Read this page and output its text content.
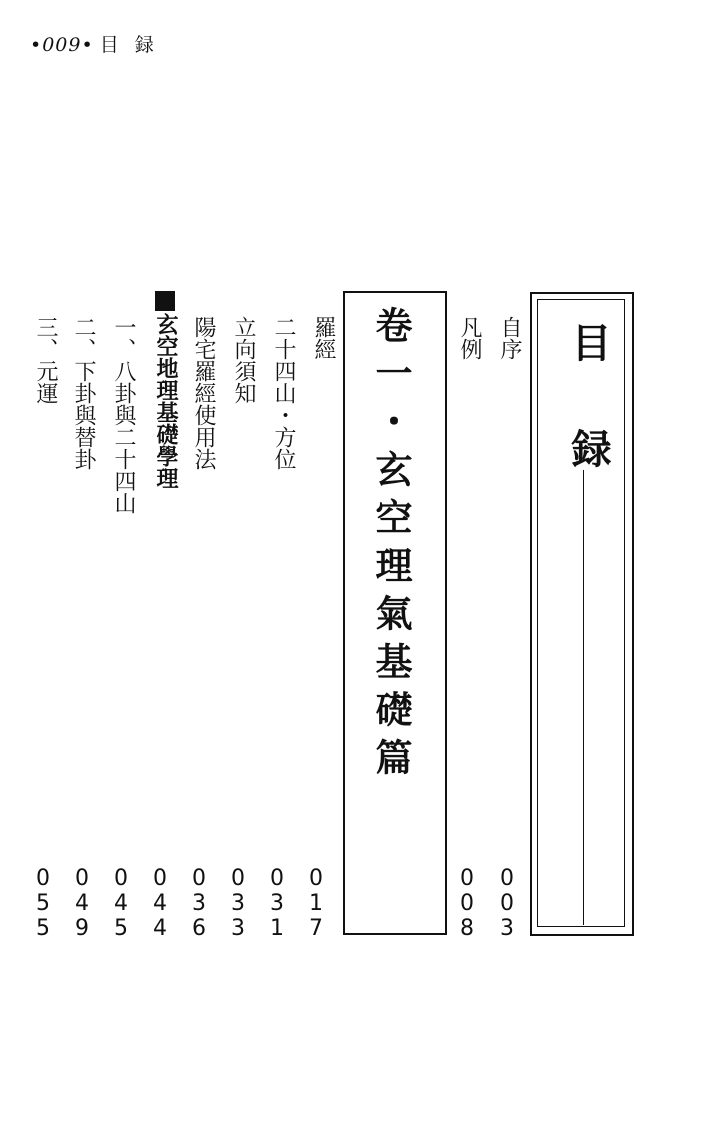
•009• 目録
目録
自序
凡例
0
0
3
0
0
8
卷一・玄空理氣基礎篇
羅經
二十四山・方位
立向須知
陽宅羅經使用法
玄空地理基礎學理
一、八卦與二十四山
二、下卦與替卦
三、元運
0
1
7
0
3
1
0
3
3
0
3
6
0
4
4
0
4
5
0
4
9
0
5
5
